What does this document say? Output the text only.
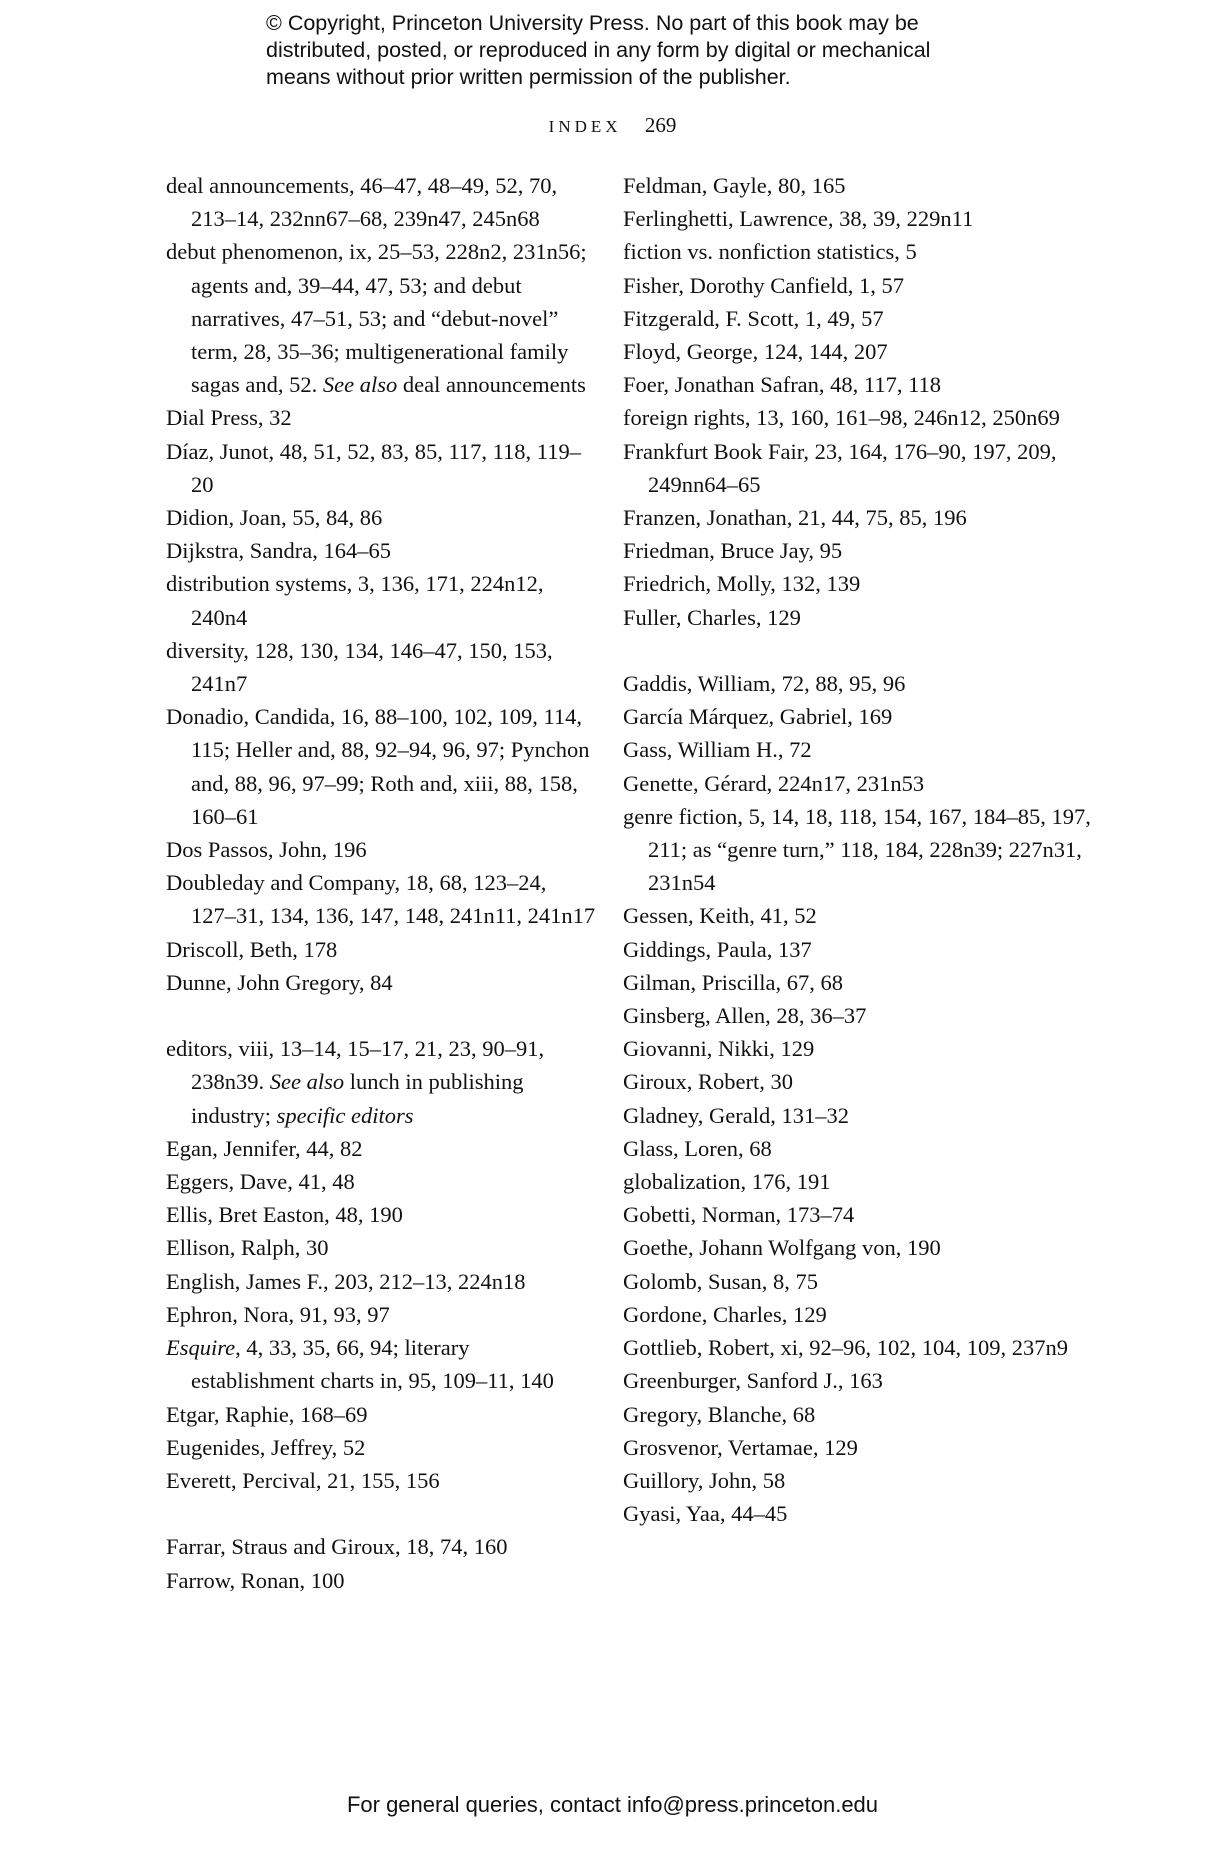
© Copyright, Princeton University Press. No part of this book may be
distributed, posted, or reproduced in any form by digital or mechanical
means without prior written permission of the publisher.
INDEX 269
deal announcements, 46–47, 48–49, 52, 70, 213–14, 232nn67–68, 239n47, 245n68
debut phenomenon, ix, 25–53, 228n2, 231n56; agents and, 39–44, 47, 53; and debut narratives, 47–51, 53; and “debut-novel” term, 28, 35–36; multigenerational family sagas and, 52. See also deal announcements
Dial Press, 32
Díaz, Junot, 48, 51, 52, 83, 85, 117, 118, 119–20
Didion, Joan, 55, 84, 86
Dijkstra, Sandra, 164–65
distribution systems, 3, 136, 171, 224n12, 240n4
diversity, 128, 130, 134, 146–47, 150, 153, 241n7
Donadio, Candida, 16, 88–100, 102, 109, 114, 115; Heller and, 88, 92–94, 96, 97; Pynchon and, 88, 96, 97–99; Roth and, xiii, 88, 158, 160–61
Dos Passos, John, 196
Doubleday and Company, 18, 68, 123–24, 127–31, 134, 136, 147, 148, 241n11, 241n17
Driscoll, Beth, 178
Dunne, John Gregory, 84
editors, viii, 13–14, 15–17, 21, 23, 90–91, 238n39. See also lunch in publishing industry; specific editors
Egan, Jennifer, 44, 82
Eggers, Dave, 41, 48
Ellis, Bret Easton, 48, 190
Ellison, Ralph, 30
English, James F., 203, 212–13, 224n18
Ephron, Nora, 91, 93, 97
Esquire, 4, 33, 35, 66, 94; literary establishment charts in, 95, 109–11, 140
Etgar, Raphie, 168–69
Eugenides, Jeffrey, 52
Everett, Percival, 21, 155, 156
Farrar, Straus and Giroux, 18, 74, 160
Farrow, Ronan, 100
Feldman, Gayle, 80, 165
Ferlinghetti, Lawrence, 38, 39, 229n11
fiction vs. nonfiction statistics, 5
Fisher, Dorothy Canfield, 1, 57
Fitzgerald, F. Scott, 1, 49, 57
Floyd, George, 124, 144, 207
Foer, Jonathan Safran, 48, 117, 118
foreign rights, 13, 160, 161–98, 246n12, 250n69
Frankfurt Book Fair, 23, 164, 176–90, 197, 209, 249nn64–65
Franzen, Jonathan, 21, 44, 75, 85, 196
Friedman, Bruce Jay, 95
Friedrich, Molly, 132, 139
Fuller, Charles, 129
Gaddis, William, 72, 88, 95, 96
García Márquez, Gabriel, 169
Gass, William H., 72
Genette, Gérard, 224n17, 231n53
genre fiction, 5, 14, 18, 118, 154, 167, 184–85, 197, 211; as “genre turn,” 118, 184, 228n39; 227n31, 231n54
Gessen, Keith, 41, 52
Giddings, Paula, 137
Gilman, Priscilla, 67, 68
Ginsberg, Allen, 28, 36–37
Giovanni, Nikki, 129
Giroux, Robert, 30
Gladney, Gerald, 131–32
Glass, Loren, 68
globalization, 176, 191
Gobetti, Norman, 173–74
Goethe, Johann Wolfgang von, 190
Golomb, Susan, 8, 75
Gordone, Charles, 129
Gottlieb, Robert, xi, 92–96, 102, 104, 109, 237n9
Greenburger, Sanford J., 163
Gregory, Blanche, 68
Grosvenor, Vertamae, 129
Guillory, John, 58
Gyasi, Yaa, 44–45
For general queries, contact info@press.princeton.edu
